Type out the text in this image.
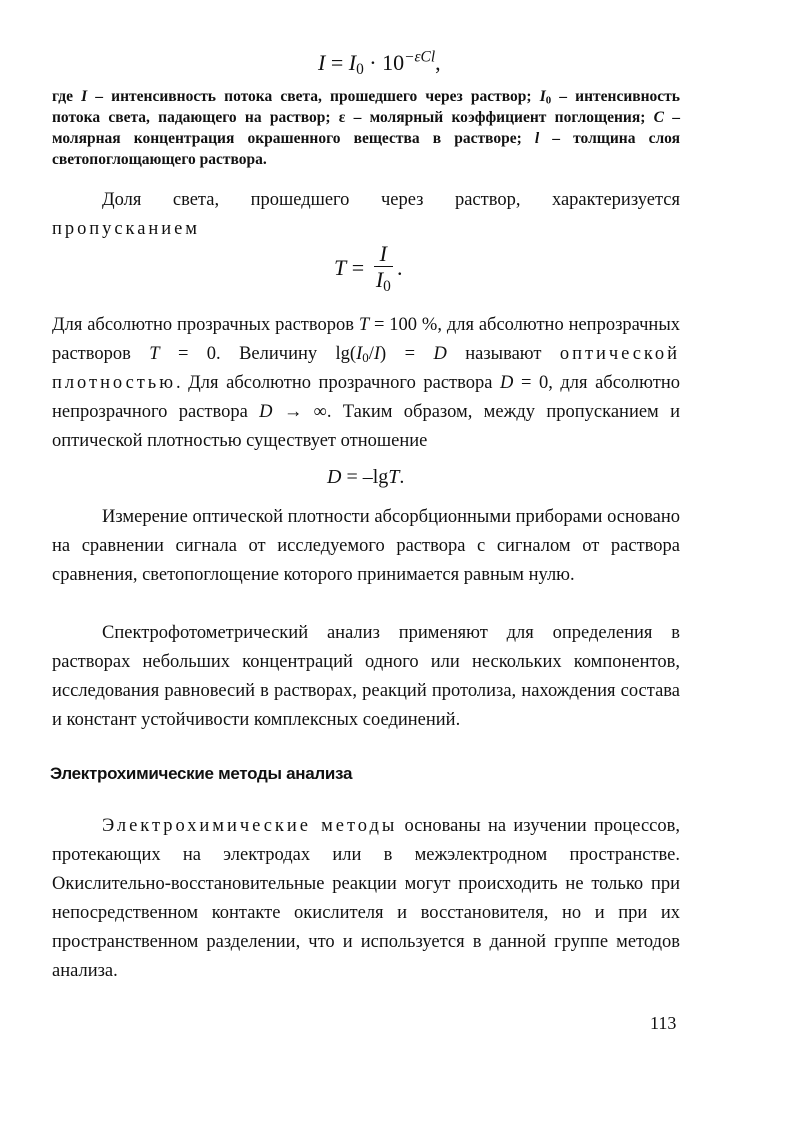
$I = I_0 \cdot 10^{-\varepsilon Cl}$,
где I – интенсивность потока света, прошедшего через раствор; $I_0$ – интенсивность потока света, падающего на раствор; ε – молярный коэффициент поглощения; C – молярная концентрация окрашенного вещества в растворе; l – толщина слоя светопоглощающего раствора.
Доля света, прошедшего через раствор, характеризуется пропусканием
$T = \frac{I}{I_0}$ .
Для абсолютно прозрачных растворов T = 100 %, для абсолютно непрозрачных растворов T = 0. Величину $\lg(I_0/I) = D$ называют оптической плотностью. Для абсолютно прозрачного раствора D = 0, для абсолютно непрозрачного раствора D → ∞. Таким образом, между пропусканием и оптической плотностью существует отношение
D = –lgT.
Измерение оптической плотности абсорбционными приборами основано на сравнении сигнала от исследуемого раствора с сигналом от раствора сравнения, светопоглощение которого принимается равным нулю.
Спектрофотометрический анализ применяют для определения в растворах небольших концентраций одного или нескольких компонентов, исследования равновесий в растворах, реакций протолиза, нахождения состава и констант устойчивости комплексных соединений.
Электрохимические методы анализа
Электрохимические методы основаны на изучении процессов, протекающих на электродах или в межэлектродном пространстве. Окислительно-восстановительные реакции могут происходить не только при непосредственном контакте окислителя и восстановителя, но и при их пространственном разделении, что и используется в данной группе методов анализа.
113
